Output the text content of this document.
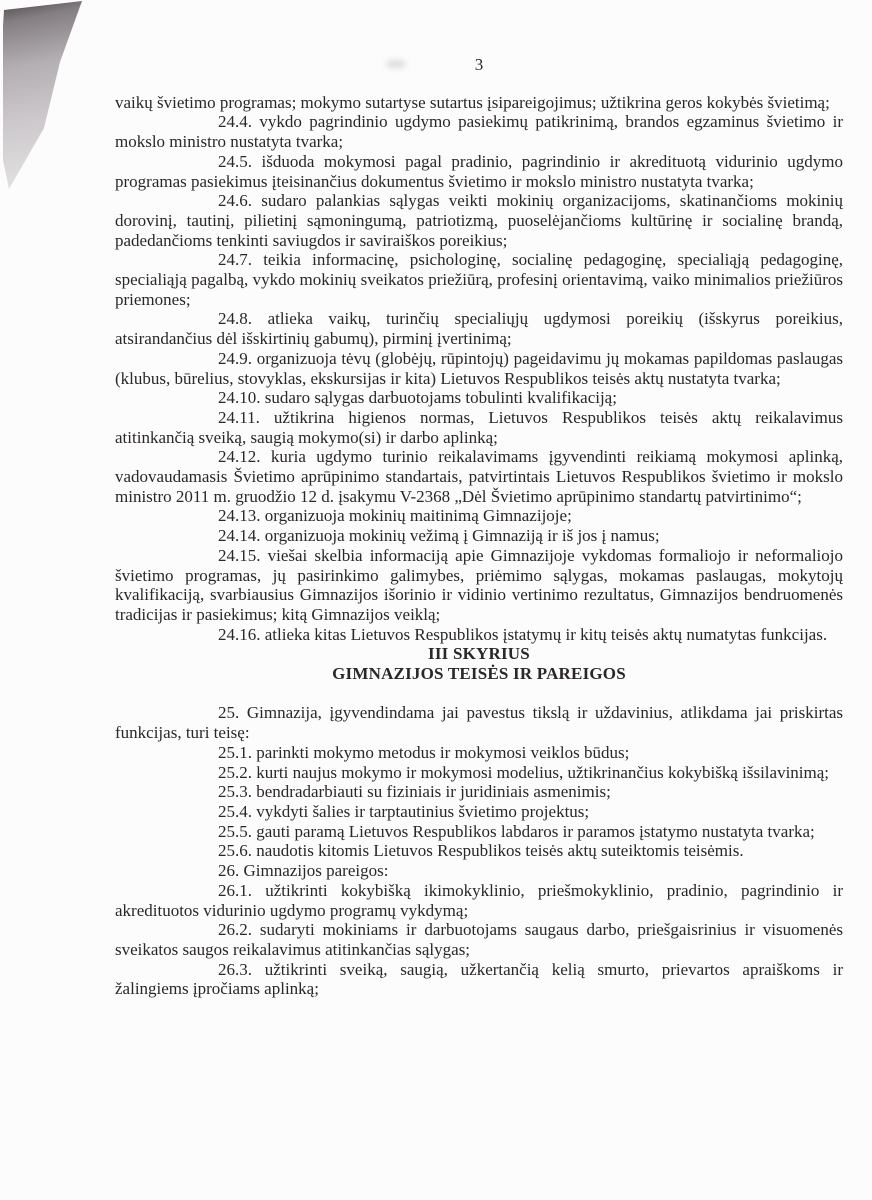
3

vaikų švietimo programas; mokymo sutartyse sutartus įsipareigojimus; užtikrina geros kokybės švietimą;

24.4. vykdo pagrindinio ugdymo pasiekimų patikrinimą, brandos egzaminus švietimo ir mokslo ministro nustatyta tvarka;

24.5. išduoda mokymosi pagal pradinio, pagrindinio ir akredituotą vidurinio ugdymo programas pasiekimus įteisinančius dokumentus švietimo ir mokslo ministro nustatyta tvarka;

24.6. sudaro palankias sąlygas veikti mokinių organizacijoms, skatinančioms mokinių dorovinį, tautinį, pilietinį sąmoningumą, patriotizmą, puoselėjančioms kultūrinę ir socialinę brandą, padedančioms tenkinti saviugdos ir saviraiškos poreikius;

24.7. teikia informacinę, psichologinę, socialinę pedagoginę, specialiąją pedagoginę, specialiąją pagalbą, vykdo mokinių sveikatos priežiūrą, profesinį orientavimą, vaiko minimalios priežiūros priemones;

24.8. atlieka vaikų, turinčių specialiųjų ugdymosi poreikių (išskyrus poreikius, atsirandančius dėl išskirtinių gabumų), pirminį įvertinimą;

24.9. organizuoja tėvų (globėjų, rūpintojų) pageidavimu jų mokamas papildomas paslaugas (klubus, būrelius, stovyklas, ekskursijas ir kita) Lietuvos Respublikos teisės aktų nustatyta tvarka;

24.10. sudaro sąlygas darbuotojams tobulinti kvalifikaciją;

24.11. užtikrina higienos normas, Lietuvos Respublikos teisės aktų reikalavimus atitinkančią sveiką, saugią mokymo(si) ir darbo aplinką;

24.12. kuria ugdymo turinio reikalavimams įgyvendinti reikiamą mokymosi aplinką, vadovaudamasis Švietimo aprūpinimo standartais, patvirtintais Lietuvos Respublikos švietimo ir mokslo ministro 2011 m. gruodžio 12 d. įsakymu V-2368 „Dėl Švietimo aprūpinimo standartų patvirtinimo“;

24.13. organizuoja mokinių maitinimą Gimnazijoje;

24.14. organizuoja mokinių vežimą į Gimnaziją ir iš jos į namus;

24.15. viešai skelbia informaciją apie Gimnazijoje vykdomas formaliojo ir neformaliojo švietimo programas, jų pasirinkimo galimybes, priėmimo sąlygas, mokamas paslaugas, mokytojų kvalifikaciją, svarbiausius Gimnazijos išorinio ir vidinio vertinimo rezultatus, Gimnazijos bendruomenės tradicijas ir pasiekimus; kitą Gimnazijos veiklą;

24.16. atlieka kitas Lietuvos Respublikos įstatymų ir kitų teisės aktų numatytas funkcijas.

III SKYRIUS
GIMNAZIJOS TEISĖS IR PAREIGOS

25. Gimnazija, įgyvendindama jai pavestus tikslą ir uždavinius, atlikdama jai priskirtas funkcijas, turi teisę:

25.1. parinkti mokymo metodus ir mokymosi veiklos būdus;

25.2. kurti naujus mokymo ir mokymosi modelius, užtikrinančius kokybišką išsilavinimą;

25.3. bendradarbiauti su fiziniais ir juridiniais asmenimis;

25.4. vykdyti šalies ir tarptautinius švietimo projektus;

25.5. gauti paramą Lietuvos Respublikos labdaros ir paramos įstatymo nustatyta tvarka;

25.6. naudotis kitomis Lietuvos Respublikos teisės aktų suteiktomis teisėmis.

26. Gimnazijos pareigos:

26.1. užtikrinti kokybišką ikimokyklinio, priešmokyklinio, pradinio, pagrindinio ir akredituotos vidurinio ugdymo programų vykdymą;

26.2. sudaryti mokiniams ir darbuotojams saugaus darbo, priešgaisrinius ir visuomenės sveikatos saugos reikalavimus atitinkančias sąlygas;

26.3. užtikrinti sveiką, saugią, užkertančią kelią smurto, prievartos apraiškoms ir žalingiems įpročiams aplinką;
